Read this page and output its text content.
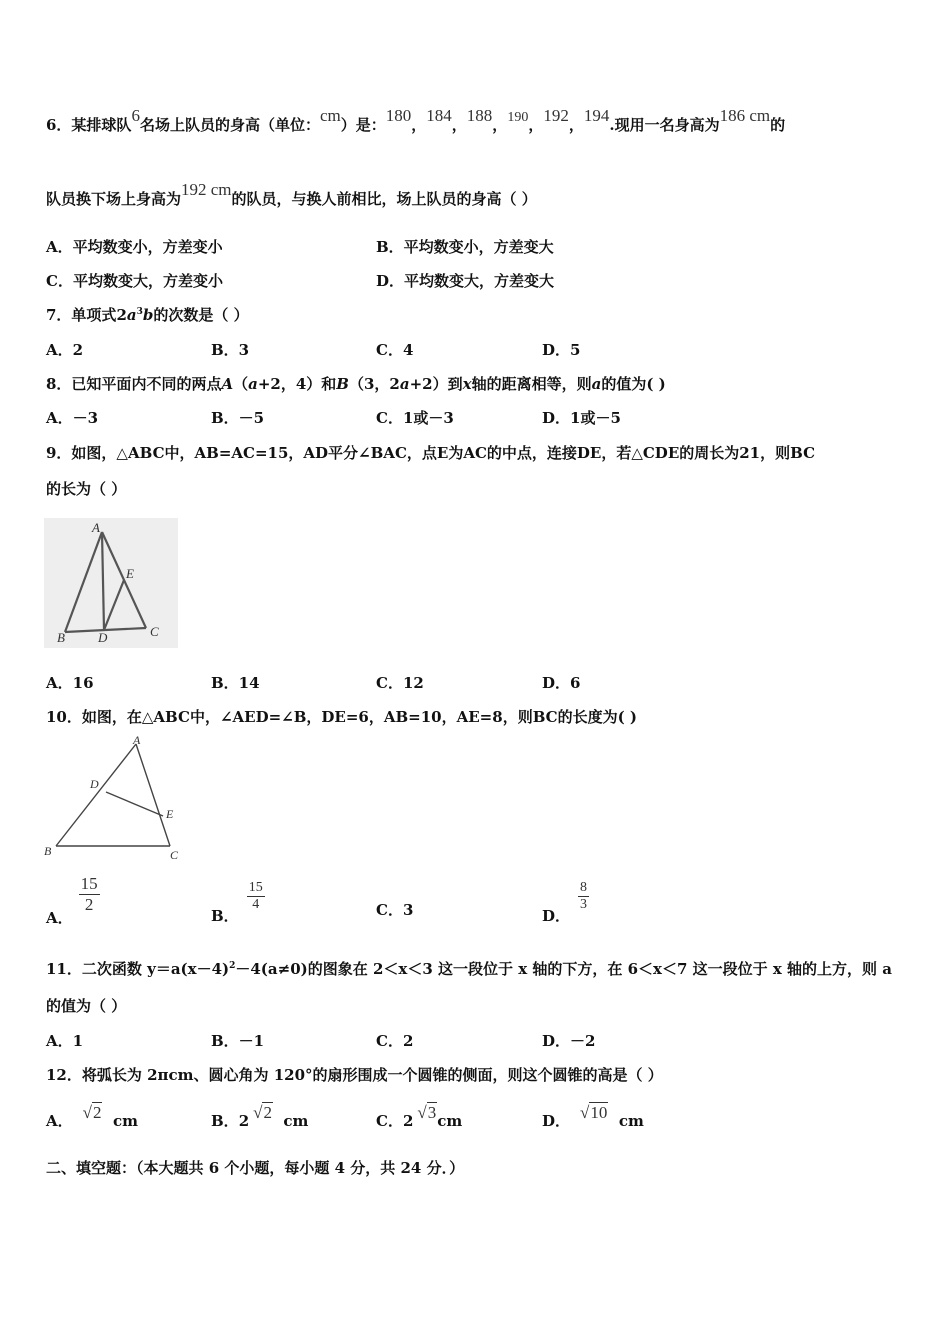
6．某排球队6名场上队员的身高（单位：cm）是：180，184，188，190，192，194.现用一名身高为186 cm的
队员换下场上身高为192 cm的队员，与换人前相比，场上队员的身高（ ）
A．平均数变小，方差变小	B．平均数变小，方差变大
C．平均数变大，方差变小	D．平均数变大，方差变大
7．单项式$2a^3b$的次数是（ ）
A．2	B．3	C．4	D．5
8．已知平面内不同的两点A（a+2，4）和B（3，2a+2）到x轴的距离相等，则a的值为( )
A．－3	B．－5	C．1或－3	D．1或－5
9．如图，△ABC中，AB=AC=15，AD平分∠BAC，点E为AC的中点，连接DE，若△CDE的周长为21，则BC
的长为（ ）
A
B	D	C
E
A．16	B．14	C．12	D．6
10．如图，在△ABC中，∠AED=∠B，DE=6，AB=10，AE=8，则BC的长度为( )
A
D
E
B	C
A．
$\frac{15}{2}$
B．
$\frac{15}{4}$	C．3	D．
$\frac{8}{3}$
11．二次函数 $y=a(x-4)^2-4(a\ne 0)$的图象在 2＜x＜3 这一段位于 x 轴的下方，在 6＜x＜7 这一段位于 x 轴的上方，则 a
的值为（ ）
A．1	B．－1	C．2	D．－2
12．将弧长为 2πcm、圆心角为 120°的扇形围成一个圆锥的侧面，则这个圆锥的高是（ ）
A． √2 cm	B．2 √2 cm	C．2 √3cm	D． √10 cm
二、填空题：（本大题共 6 个小题，每小题 4 分，共 24 分．）
